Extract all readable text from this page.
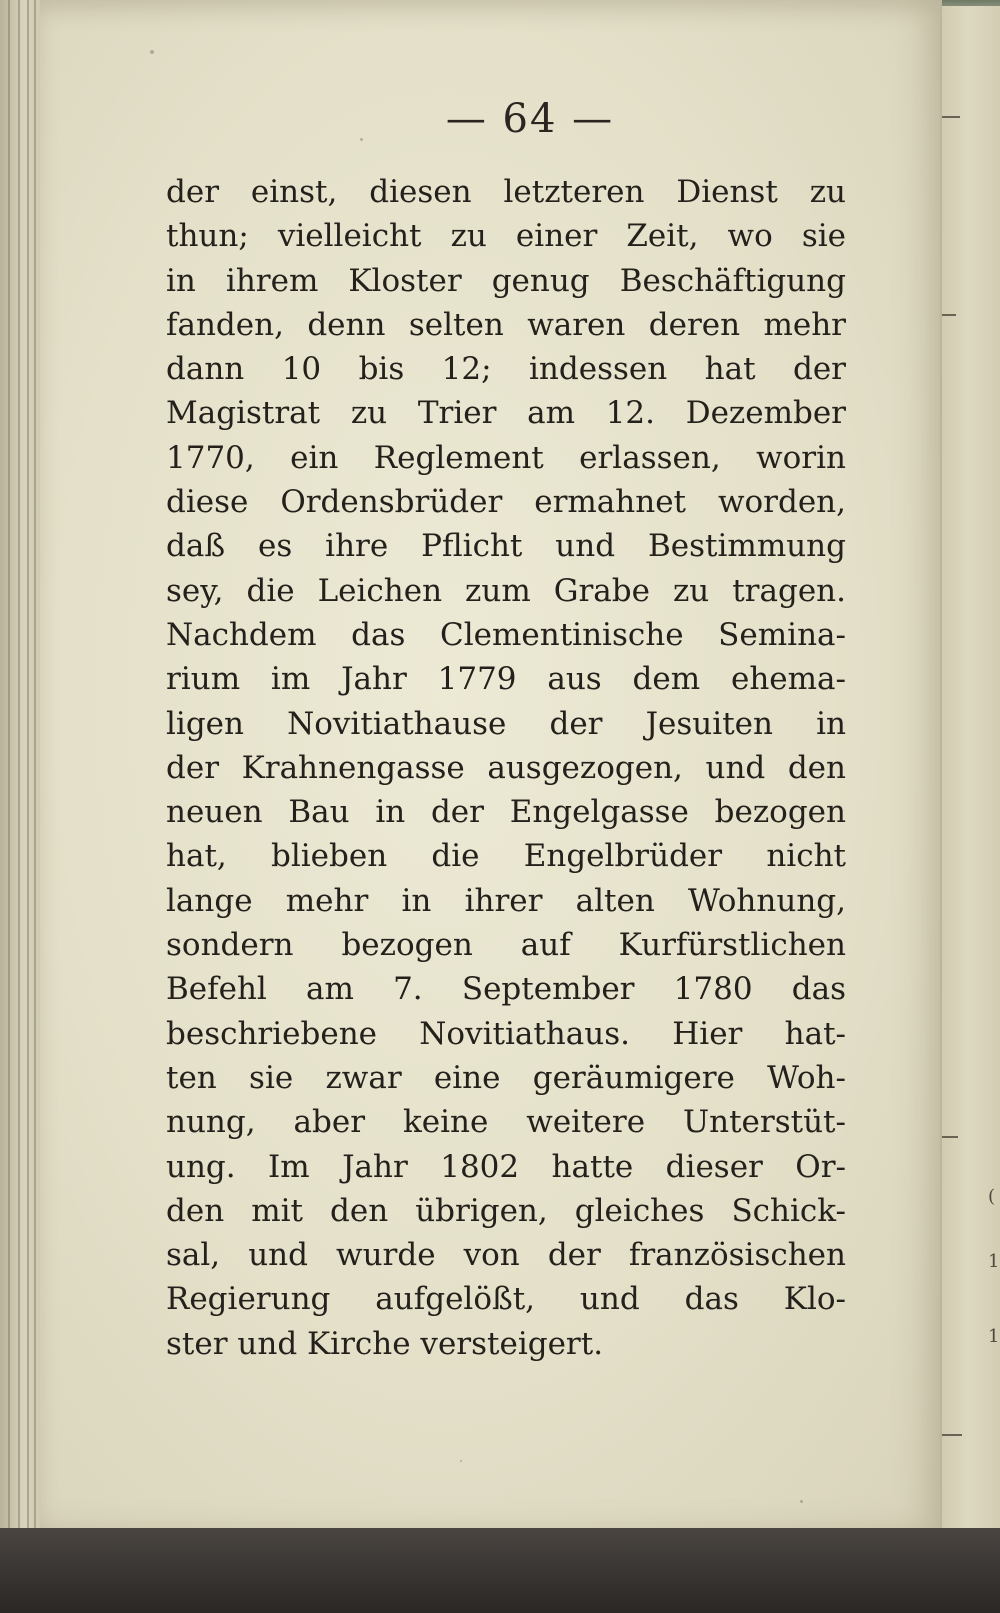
1
1
(
— 64 —
der einst, diesen letzteren Dienst zu
thun; vielleicht zu einer Zeit, wo sie
in ihrem Kloster genug Beschäftigung
fanden, denn selten waren deren mehr
dann 10 bis 12; indessen hat der
Magistrat zu Trier am 12. Dezember
1770, ein Reglement erlassen, worin
diese Ordensbrüder ermahnet worden,
daß es ihre Pflicht und Bestimmung
sey, die Leichen zum Grabe zu tragen.
Nachdem das Clementinische Semina-
rium im Jahr 1779 aus dem ehema-
ligen Novitiathause der Jesuiten in
der Krahnengasse ausgezogen, und den
neuen Bau in der Engelgasse bezogen
hat, blieben die Engelbrüder nicht
lange mehr in ihrer alten Wohnung,
sondern bezogen auf Kurfürstlichen
Befehl am 7. September 1780 das
beschriebene Novitiathaus. Hier hat-
ten sie zwar eine geräumigere Woh-
nung, aber keine weitere Unterstüt-
ung. Im Jahr 1802 hatte dieser Or-
den mit den übrigen, gleiches Schick-
sal, und wurde von der französischen
Regierung aufgelößt, und das Klo-
ster und Kirche versteigert.
